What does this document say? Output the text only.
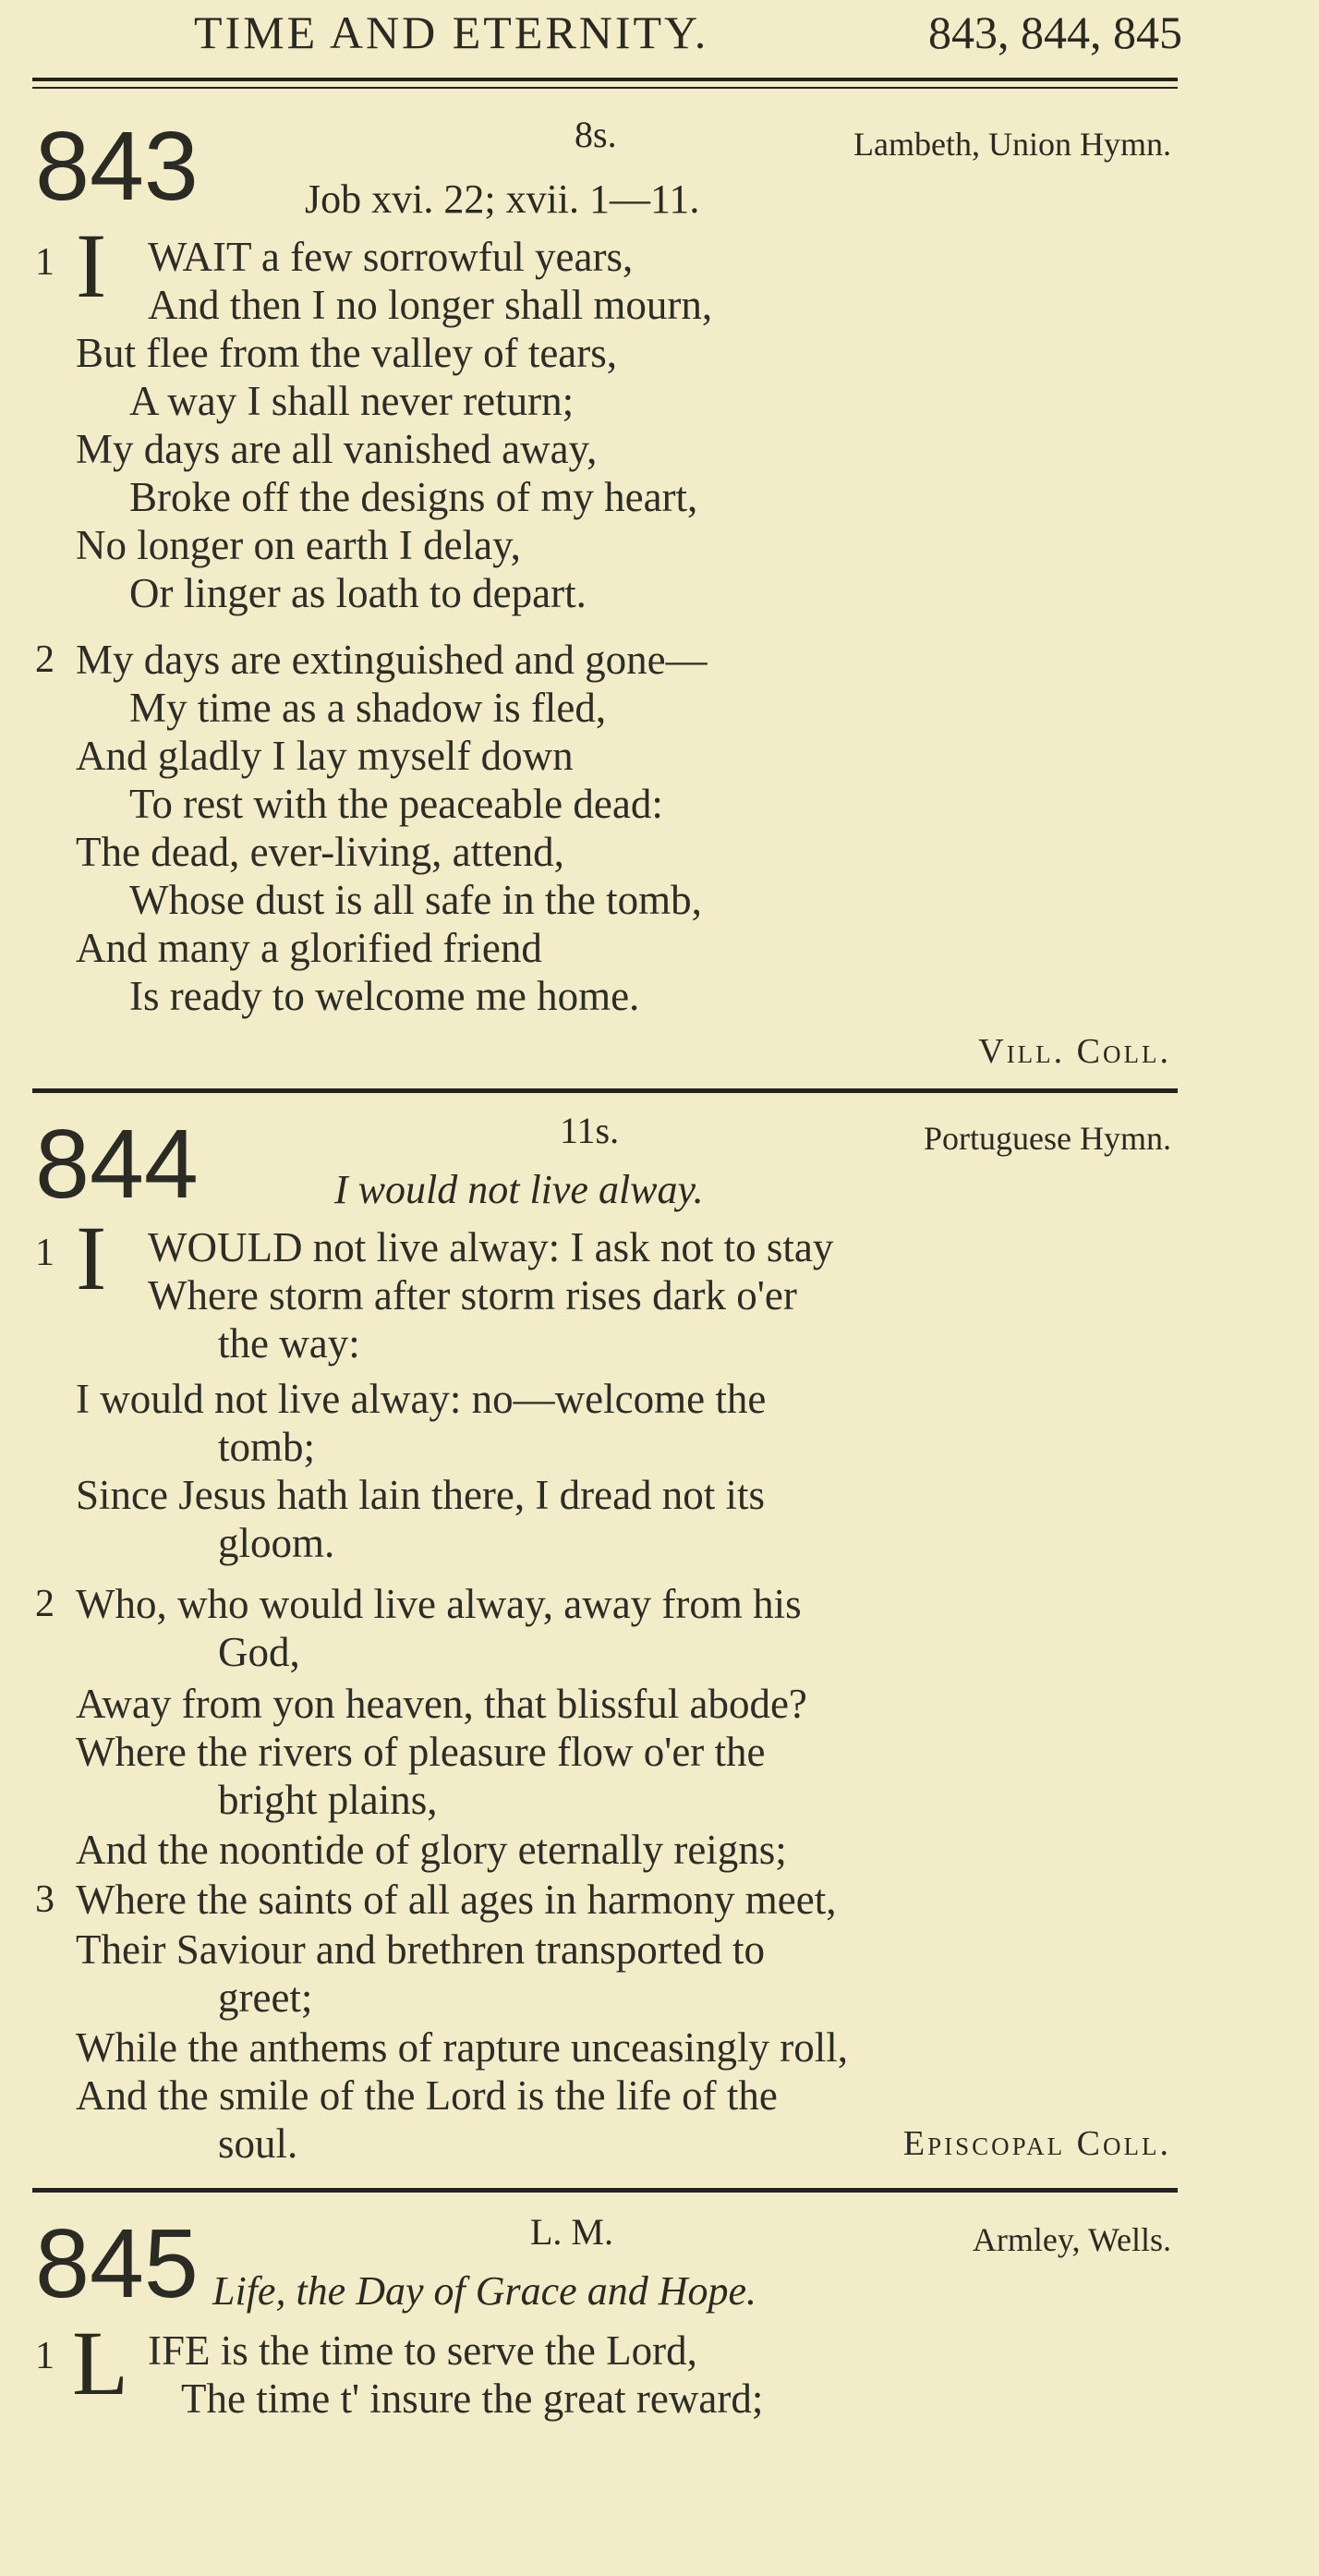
TIME AND ETERNITY.	843, 844, 845
843	8s.	Lambeth, Union Hymn.
Job xvi. 22; xvii. 1—11.
1 I WAIT a few sorrowful years,
And then I no longer shall mourn,
But flee from the valley of tears,
A way I shall never return;
My days are all vanished away,
Broke off the designs of my heart,
No longer on earth I delay,
Or linger as loath to depart.
2 My days are extinguished and gone—
My time as a shadow is fled,
And gladly I lay myself down
To rest with the peaceable dead:
The dead, ever-living, attend,
Whose dust is all safe in the tomb,
And many a glorified friend
Is ready to welcome me home.
Vill. Coll.
844	11s.	Portuguese Hymn.
I would not live alway.
1 I WOULD not live alway: I ask not to stay
Where storm after storm rises dark o'er
the way:
I would not live alway: no—welcome the
tomb;
Since Jesus hath lain there, I dread not its
gloom.
2 Who, who would live alway, away from his
God,
Away from yon heaven, that blissful abode?
Where the rivers of pleasure flow o'er the
bright plains,
And the noontide of glory eternally reigns;
3 Where the saints of all ages in harmony meet,
Their Saviour and brethren transported to
greet;
While the anthems of rapture unceasingly roll,
And the smile of the Lord is the life of the
soul.	Episcopal Coll.
845	L. M.	Armley, Wells.
Life, the Day of Grace and Hope.
1 L IFE is the time to serve the Lord,
The time t' insure the great reward;
